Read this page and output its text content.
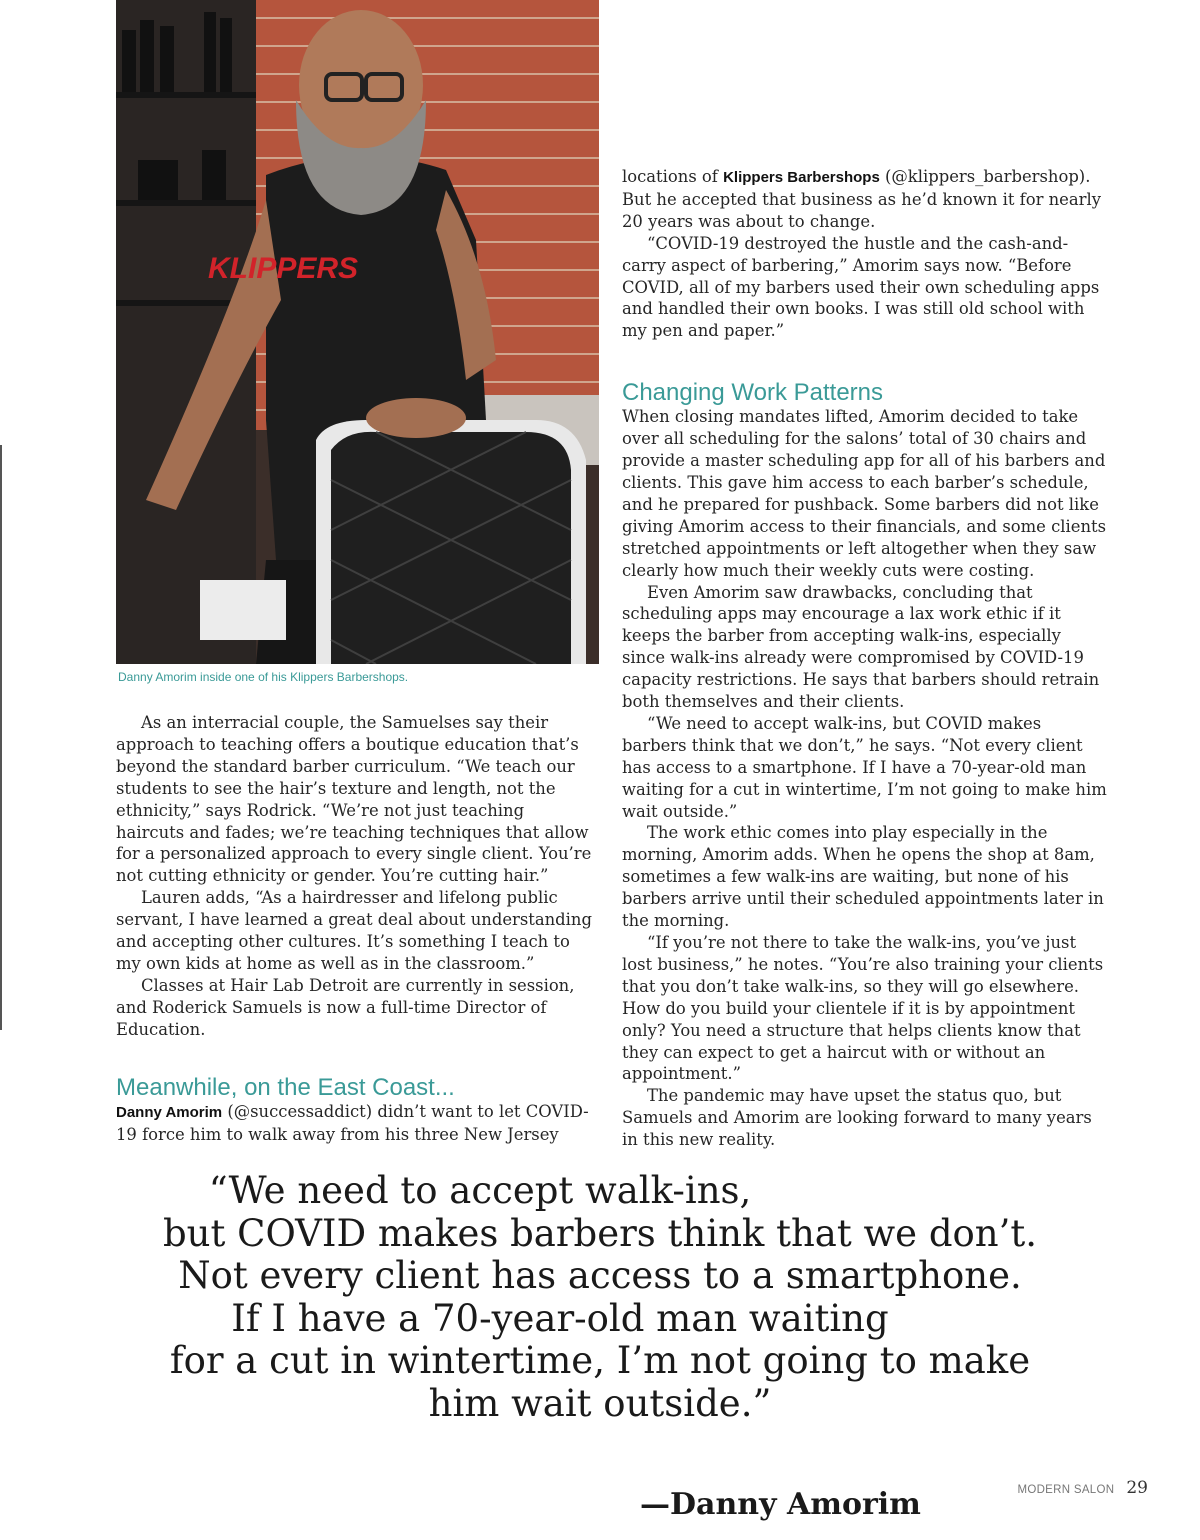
KLIPPERS
Danny Amorim inside one of his Klippers Barbershops.

As an interracial couple, the Samuelses say their approach to teaching offers a boutique education that’s beyond the standard barber curriculum. “We teach our students to see the hair’s texture and length, not the ethnicity,” says Rodrick. “We’re not just teaching haircuts and fades; we’re teaching techniques that allow for a personalized approach to every single client. You’re not cutting ethnicity or gender. You’re cutting hair.”

Lauren adds, “As a hairdresser and lifelong public servant, I have learned a great deal about understanding and accepting other cultures. It’s something I teach to my own kids at home as well as in the classroom.”

Classes at Hair Lab Detroit are currently in session, and Roderick Samuels is now a full-time Director of Education.

Meanwhile, on the East Coast...

Danny Amorim (@successaddict) didn’t want to let COVID-19 force him to walk away from his three New Jersey

locations of Klippers Barbershops (@klippers_barbershop). But he accepted that business as he’d known it for nearly 20 years was about to change.

“COVID-19 destroyed the hustle and the cash-and-carry aspect of barbering,” Amorim says now. “Before COVID, all of my barbers used their own scheduling apps and handled their own books. I was still old school with my pen and paper.”

Changing Work Patterns

When closing mandates lifted, Amorim decided to take over all scheduling for the salons’ total of 30 chairs and provide a master scheduling app for all of his barbers and clients. This gave him access to each barber’s schedule, and he prepared for pushback. Some barbers did not like giving Amorim access to their financials, and some clients stretched appointments or left altogether when they saw clearly how much their weekly cuts were costing.

Even Amorim saw drawbacks, concluding that scheduling apps may encourage a lax work ethic if it keeps the barber from accepting walk-ins, especially since walk-ins already were compromised by COVID-19 capacity restrictions. He says that barbers should retrain both themselves and their clients.

“We need to accept walk-ins, but COVID makes barbers think that we don’t,” he says. “Not every client has access to a smartphone. If I have a 70-year-old man waiting for a cut in wintertime, I’m not going to make him wait outside.”

The work ethic comes into play especially in the morning, Amorim adds. When he opens the shop at 8am, sometimes a few walk-ins are waiting, but none of his barbers arrive until their scheduled appointments later in the morning.

“If you’re not there to take the walk-ins, you’ve just lost business,” he notes. “You’re also training your clients that you don’t take walk-ins, so they will go elsewhere. How do you build your clientele if it is by appointment only? You need a structure that helps clients know that they can expect to get a haircut with or without an appointment.”

The pandemic may have upset the status quo, but Samuels and Amorim are looking forward to many years in this new reality.

“We need to accept walk-ins,
but COVID makes barbers think that we don’t.
Not every client has access to a smartphone.
If I have a 70-year-old man waiting
for a cut in wintertime, I’m not going to make
him wait outside.”
—Danny Amorim	MODERN SALON 29
